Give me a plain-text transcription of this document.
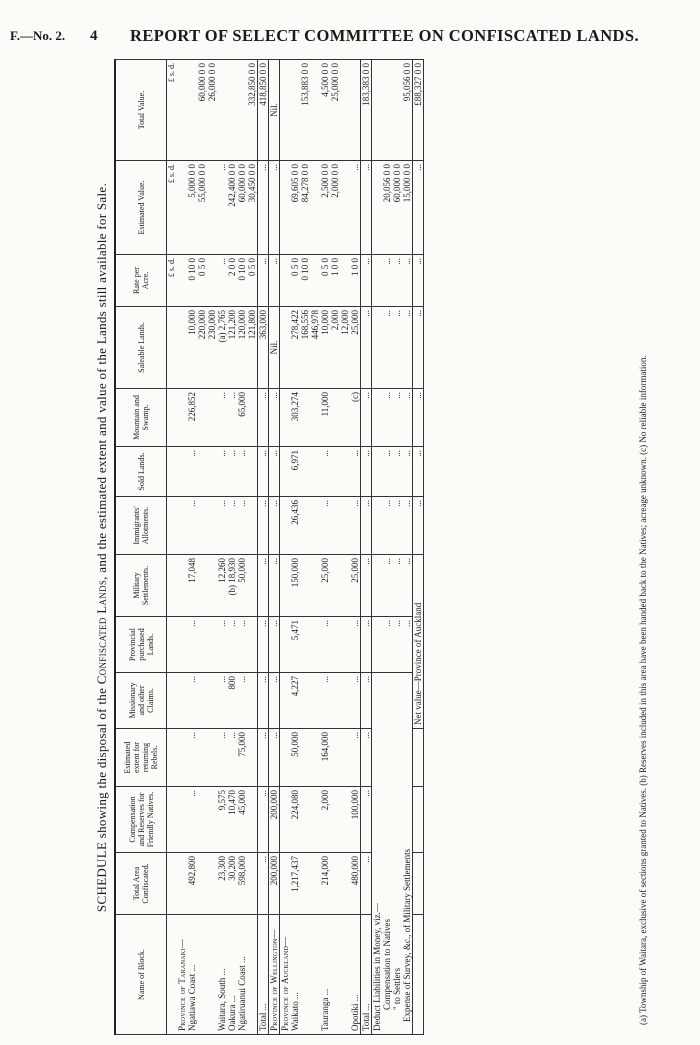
F.—No. 2. 4 REPORT OF SELECT COMMITTEE ON CONFISCATED LANDS.
SCHEDULE showing the disposal of the Confiscated Lands, and the estimated extent and value of the Lands still available for Sale.
Name of Block.	Total Area Confiscated.	Compensation and Reserves for Friendly Natives.	Estimated extent for returning Rebels.	Missionary and other Claims.	Provincial purchased Lands.	Military Settlements.	Immigrants' Allotments.	Sold Lands.	Mountain and Swamp.	Saleable Lands.	Rate per Acre.	Estimated Value.	Total Value.
											£ s. d.	£ s. d.	£ s. d.
Province of Taranaki—													
Ngatiawa Coast ...	492,800	...	...	...	...	17,048	...	...	226,852	10,000	0 10 0	5,000 0 0	
										220,000	0 5 0	55,000 0 0	60,000 0 0
										230,000			26,000 0 0
Waitara, South ...	23,300	9,575	...	...	...	12,260	...	...	...	(a) 2,765	...	...	
Oakura ...	30,200	10,470	...	800	...	(b) 18,930	...	...	...	121,200	2 0 0	242,400 0 0	
Ngatiruanui Coast ...	598,000	45,000	75,000	...	...	50,000	...	...	65,000	120,000	0 10 0	60,000 0 0	
										121,800	0 5 0	30,450 0 0	332,850 0 0
Total ...	...	...	...	...	...	...	...	...	...	363,000	...	...	418,850 0 0
Province of Wellington—	200,000	200,000	...	...	...	...	...	...	...	Nil.	...	...	Nil.
Province of Auckland—													
Waikato ...	1,217,437	224,080	50,000	4,227	5,471	150,000	26,436	6,971	303,274	278,422	0 5 0	69,605 0 0	
										168,556	0 10 0	84,278 0 0	153,883 0 0
										446,978			
Tauranga ...	214,000	2,000	164,000	...	...	25,000	...	...	11,000	10,000	0 5 0	2,500 0 0	4,500 0 0
										2,000	1 0 0	2,000 0 0	25,000 0 0
										12,000			
Opotiki ...	480,000	100,000	...	...	...	25,000	...	...	(c)	25,000	1 0 0	...	
Total ...	...	...	...	...	...	...	...	...	...	...	...	...	183,383 0 0
Deduct Liabilities in Money, viz.—													
Compensation to Natives					...	...	...	...	...	...	...	20,056 0 0	
" to Settlers					...	...	...	...	...	...	...	60,000 0 0	
Expense of Survey, &c., of Military Settlements					...	...	...	...	...	...	...	15,000 0 0	95,056 0 0
				Net value—Province of Auckland			...	...	...	...	...	...	£88,327 0 0
(a) Township of Waitara, exclusive of sections granted to Natives. (b) Reserves included in this area have been handed back to the Natives; acreage unknown. (c) No reliable information.
